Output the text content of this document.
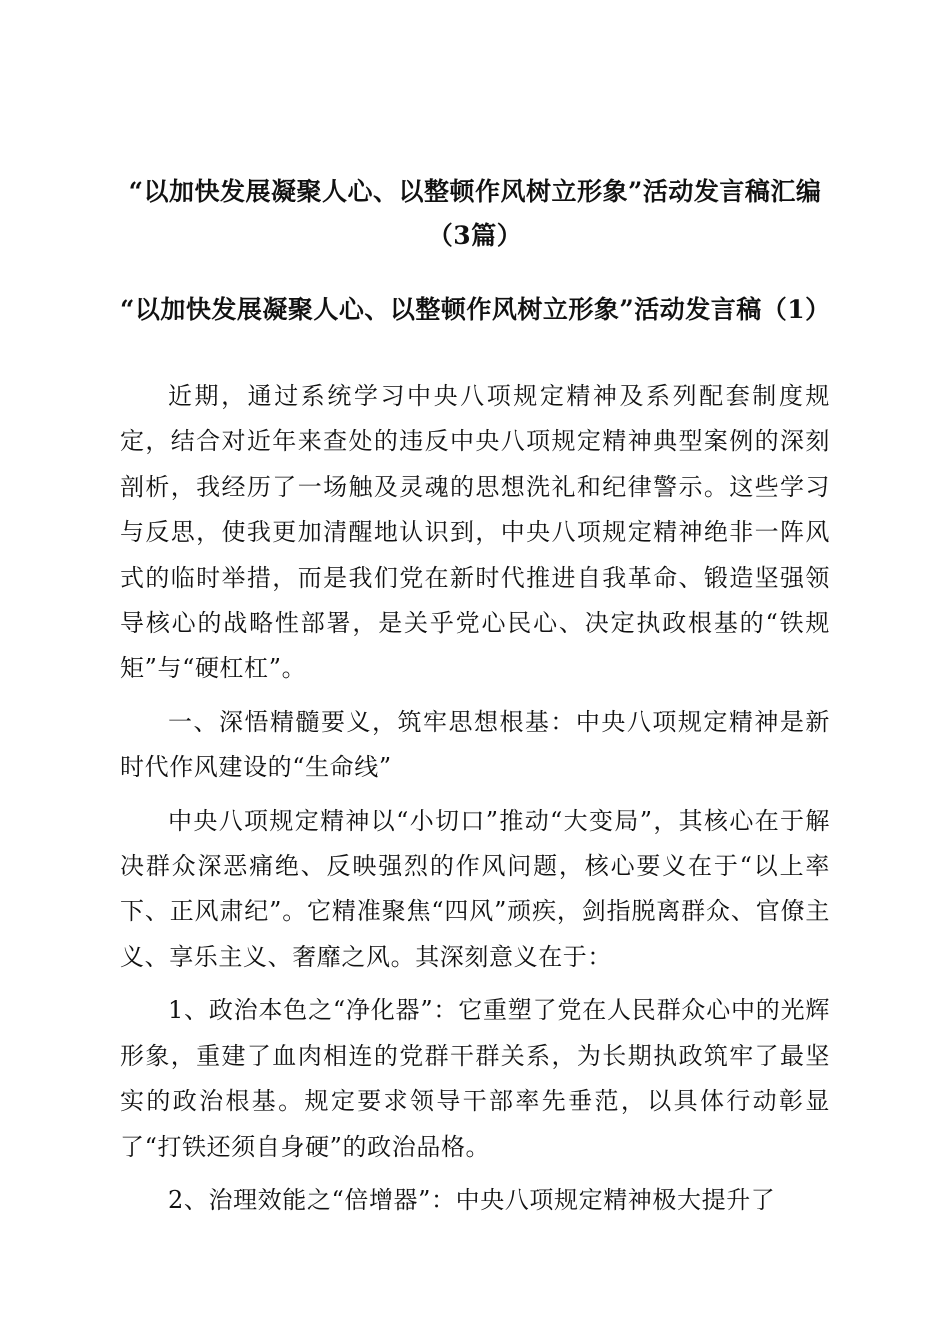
“以加快发展凝聚人心、以整顿作风树立形象”活动发言稿汇编（3篇）
“以加快发展凝聚人心、以整顿作风树立形象”活动发言稿（1）

近期，通过系统学习中央八项规定精神及系列配套制度规定，结合对近年来查处的违反中央八项规定精神典型案例的深刻剖析，我经历了一场触及灵魂的思想洗礼和纪律警示。这些学习与反思，使我更加清醒地认识到，中央八项规定精神绝非一阵风式的临时举措，而是我们党在新时代推进自我革命、锻造坚强领导核心的战略性部署，是关乎党心民心、决定执政根基的“铁规矩”与“硬杠杠”。

一、深悟精髓要义，筑牢思想根基：中央八项规定精神是新时代作风建设的“生命线”

中央八项规定精神以“小切口”推动“大变局”，其核心在于解决群众深恶痛绝、反映强烈的作风问题，核心要义在于“以上率下、正风肃纪”。它精准聚焦“四风”顽疾，剑指脱离群众、官僚主义、享乐主义、奢靡之风。其深刻意义在于：

1、政治本色之“净化器”：它重塑了党在人民群众心中的光辉形象，重建了血肉相连的党群干群关系，为长期执政筑牢了最坚实的政治根基。规定要求领导干部率先垂范，以具体行动彰显了“打铁还须自身硬”的政治品格。

2、治理效能之“倍增器”：中央八项规定精神极大提升了
